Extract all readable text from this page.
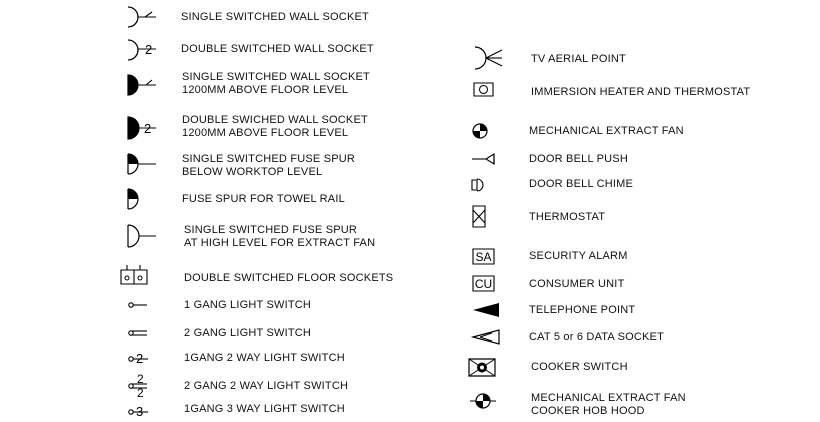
2
2
2
2
2
3
SINGLE SWITCHED WALL SOCKET
DOUBLE SWITCHED WALL SOCKET
SINGLE SWITCHED WALL SOCKET
1200MM ABOVE FLOOR LEVEL
DOUBLE SWICHED WALL SOCKET
1200MM ABOVE FLOOR LEVEL
SINGLE SWITCHED FUSE SPUR
BELOW WORKTOP LEVEL
FUSE SPUR FOR TOWEL RAIL
SINGLE SWITCHED FUSE SPUR
AT HIGH LEVEL FOR EXTRACT FAN
DOUBLE SWITCHED FLOOR SOCKETS
1 GANG LIGHT SWITCH
2 GANG LIGHT SWITCH
1GANG 2 WAY LIGHT SWITCH
2 GANG 2 WAY LIGHT SWITCH
1GANG 3 WAY LIGHT SWITCH
SA
CU
TV AERIAL POINT
IMMERSION HEATER AND THERMOSTAT
MECHANICAL EXTRACT FAN
DOOR BELL PUSH
DOOR BELL CHIME
THERMOSTAT
SECURITY ALARM
CONSUMER UNIT
TELEPHONE POINT
CAT 5 or 6 DATA SOCKET
COOKER SWITCH
MECHANICAL EXTRACT FAN
COOKER HOB HOOD
